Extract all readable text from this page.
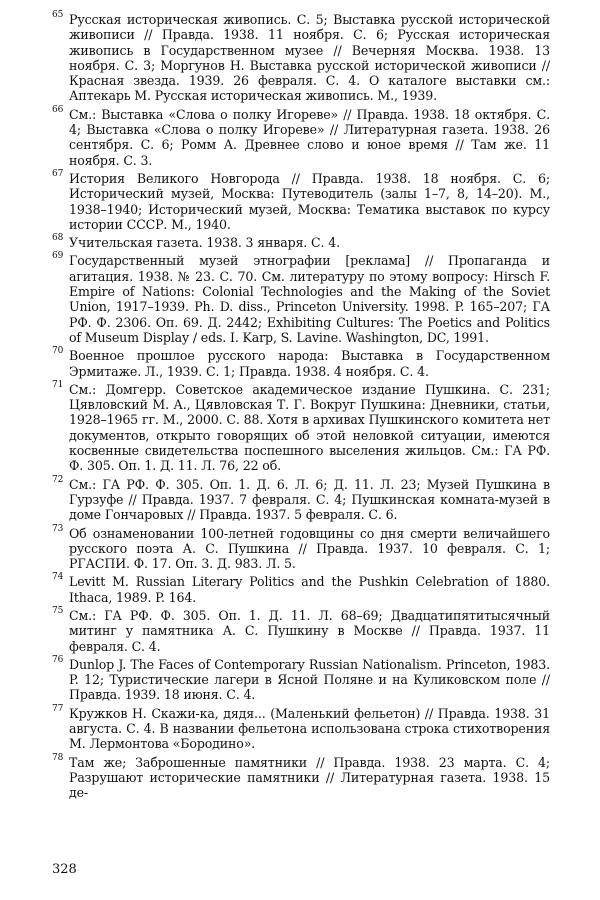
65 Русская историческая живопись. С. 5; Выставка русской исторической живописи // Правда. 1938. 11 ноября. С. 6; Русская историческая живопись в Государственном музее // Вечерняя Москва. 1938. 13 ноября. С. 3; Моргунов Н. Выставка русской исторической живописи // Красная звезда. 1939. 26 февраля. С. 4. О каталоге выставки см.: Аптекарь М. Русская историческая живопись. М., 1939.
66 См.: Выставка «Слова о полку Игореве» // Правда. 1938. 18 октября. С. 4; Выставка «Слова о полку Игореве» // Литературная газета. 1938. 26 сентября. С. 6; Ромм А. Древнее слово и юное время // Там же. 11 ноября. С. 3.
67 История Великого Новгорода // Правда. 1938. 18 ноября. С. 6; Исторический музей, Москва: Путеводитель (залы 1–7, 8, 14–20). М., 1938–1940; Исторический музей, Москва: Тематика выставок по курсу истории СССР. М., 1940.
68 Учительская газета. 1938. 3 января. С. 4.
69 Государственный музей этнографии [реклама] // Пропаганда и агитация. 1938. № 23. С. 70. См. литературу по этому вопросу: Hirsch F. Empire of Nations: Colonial Technologies and the Making of the Soviet Union, 1917–1939. Ph. D. diss., Princeton University. 1998. P. 165–207; ГА РФ. Ф. 2306. Оп. 69. Д. 2442; Exhibiting Cultures: The Poetics and Politics of Museum Display / eds. I. Karp, S. Lavine. Washington, DC, 1991.
70 Военное прошлое русского народа: Выставка в Государственном Эрмитаже. Л., 1939. С. 1; Правда. 1938. 4 ноября. С. 4.
71 См.: Домгерр. Советское академическое издание Пушкина. С. 231; Цявловский М. А., Цявловская Т. Г. Вокруг Пушкина: Дневники, статьи, 1928–1965 гг. М., 2000. С. 88. Хотя в архивах Пушкинского комитета нет документов, открыто говорящих об этой неловкой ситуации, имеются косвенные свидетельства поспешного выселения жильцов. См.: ГА РФ. Ф. 305. Оп. 1. Д. 11. Л. 76, 22 об.
72 См.: ГА РФ. Ф. 305. Оп. 1. Д. 6. Л. 6; Д. 11. Л. 23; Музей Пушкина в Гурзуфе // Правда. 1937. 7 февраля. С. 4; Пушкинская комната-музей в доме Гончаровых // Правда. 1937. 5 февраля. С. 6.
73 Об ознаменовании 100-летней годовщины со дня смерти величайшего русского поэта А. С. Пушкина // Правда. 1937. 10 февраля. С. 1; РГАСПИ. Ф. 17. Оп. 3. Д. 983. Л. 5.
74 Levitt M. Russian Literary Politics and the Pushkin Celebration of 1880. Ithaca, 1989. P. 164.
75 См.: ГА РФ. Ф. 305. Оп. 1. Д. 11. Л. 68–69; Двадцатипятитысячный митинг у памятника А. С. Пушкину в Москве // Правда. 1937. 11 февраля. С. 4.
76 Dunlop J. The Faces of Contemporary Russian Nationalism. Princeton, 1983. P. 12; Туристические лагери в Ясной Поляне и на Куликовском поле // Правда. 1939. 18 июня. С. 4.
77 Кружков Н. Скажи-ка, дядя... (Маленький фельетон) // Правда. 1938. 31 августа. С. 4. В названии фельетона использована строка стихотворения М. Лермонтова «Бородино».
78 Там же; Заброшенные памятники // Правда. 1938. 23 марта. С. 4; Разрушают исторические памятники // Литературная газета. 1938. 15 де-
328
